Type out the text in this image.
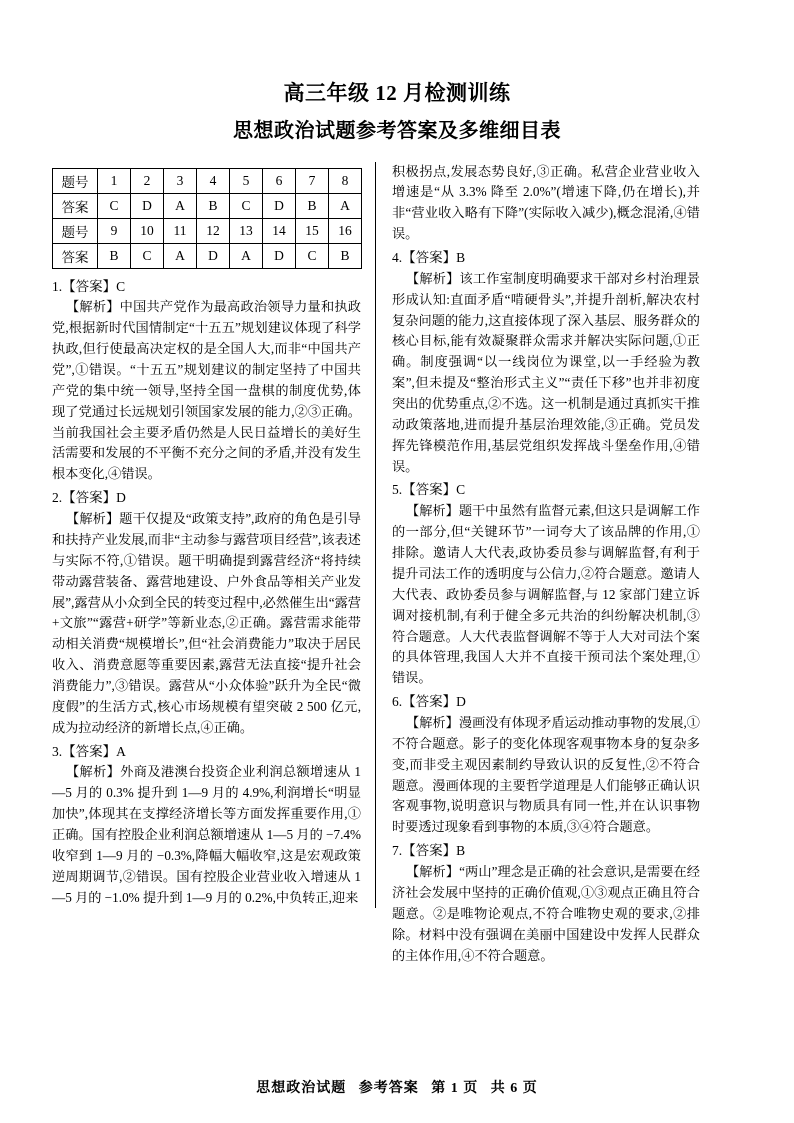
高三年级 12 月检测训练
思想政治试题参考答案及多维细目表
题号	1	2	3	4	5	6	7	8
答案	C	D	A	B	C	D	B	A
题号	9	10	11	12	13	14	15	16
答案	B	C	A	D	A	D	C	B
1.【答案】C

【解析】中国共产党作为最高政治领导力量和执政党,根据新时代国情制定“十五五”规划建议体现了科学执政,但行使最高决定权的是全国人大,而非“中国共产党”,①错误。“十五五”规划建议的制定坚持了中国共产党的集中统一领导,坚持全国一盘棋的制度优势,体现了党通过长远规划引领国家发展的能力,②③正确。当前我国社会主要矛盾仍然是人民日益增长的美好生活需要和发展的不平衡不充分之间的矛盾,并没有发生根本变化,④错误。

2.【答案】D

【解析】题干仅提及“政策支持”,政府的角色是引导和扶持产业发展,而非“主动参与露营项目经营”,该表述与实际不符,①错误。题干明确提到露营经济“将持续带动露营装备、露营地建设、户外食品等相关产业发展”,露营从小众到全民的转变过程中,必然催生出“露营+文旅”“露营+研学”等新业态,②正确。露营需求能带动相关消费“规模增长”,但“社会消费能力”取决于居民收入、消费意愿等重要因素,露营无法直接“提升社会消费能力”,③错误。露营从“小众体验”跃升为全民“微度假”的生活方式,核心市场规模有望突破 2 500 亿元,成为拉动经济的新增长点,④正确。

3.【答案】A

【解析】外商及港澳台投资企业利润总额增速从 1—5 月的 0.3% 提升到 1—9 月的 4.9%,利润增长“明显加快”,体现其在支撑经济增长等方面发挥重要作用,①正确。国有控股企业利润总额增速从 1—5 月的 −7.4% 收窄到 1—9 月的 −0.3%,降幅大幅收窄,这是宏观政策逆周期调节,②错误。国有控股企业营业收入增速从 1—5 月的 −1.0% 提升到 1—9 月的 0.2%,中负转正,迎来

积极拐点,发展态势良好,③正确。私营企业营业收入增速是“从 3.3% 降至 2.0%”(增速下降,仍在增长),并非“营业收入略有下降”(实际收入减少),概念混淆,④错误。

4.【答案】B

【解析】该工作室制度明确要求干部对乡村治理景形成认知:直面矛盾“啃硬骨头”,并提升剖析,解决农村复杂问题的能力,这直接体现了深入基层、服务群众的核心目标,能有效凝聚群众需求并解决实际问题,①正确。制度强调“以一线岗位为课堂,以一手经验为教案”,但未提及“整治形式主义”“责任下移”也并非初度突出的优势重点,②不选。这一机制是通过真抓实干推动政策落地,进而提升基层治理效能,③正确。党员发挥先锋模范作用,基层党组织发挥战斗堡垒作用,④错误。

5.【答案】C

【解析】题干中虽然有监督元素,但这只是调解工作的一部分,但“关键环节”一词夸大了该品牌的作用,①排除。邀请人大代表,政协委员参与调解监督,有利于提升司法工作的透明度与公信力,②符合题意。邀请人大代表、政协委员参与调解监督,与 12 家部门建立诉调对接机制,有利于健全多元共治的纠纷解决机制,③符合题意。人大代表监督调解不等于人大对司法个案的具体管理,我国人大并不直接干预司法个案处理,①错误。

6.【答案】D

【解析】漫画没有体现矛盾运动推动事物的发展,①不符合题意。影子的变化体现客观事物本身的复杂多变,而非受主观因素制约导致认识的反复性,②不符合题意。漫画体现的主要哲学道理是人们能够正确认识客观事物,说明意识与物质具有同一性,并在认识事物时要透过现象看到事物的本质,③④符合题意。

7.【答案】B

【解析】“两山”理念是正确的社会意识,是需要在经济社会发展中坚持的正确价值观,①③观点正确且符合题意。②是唯物论观点,不符合唯物史观的要求,②排除。材料中没有强调在美丽中国建设中发挥人民群众的主体作用,④不符合题意。

思想政治试题 参考答案 第 1 页 共 6 页
